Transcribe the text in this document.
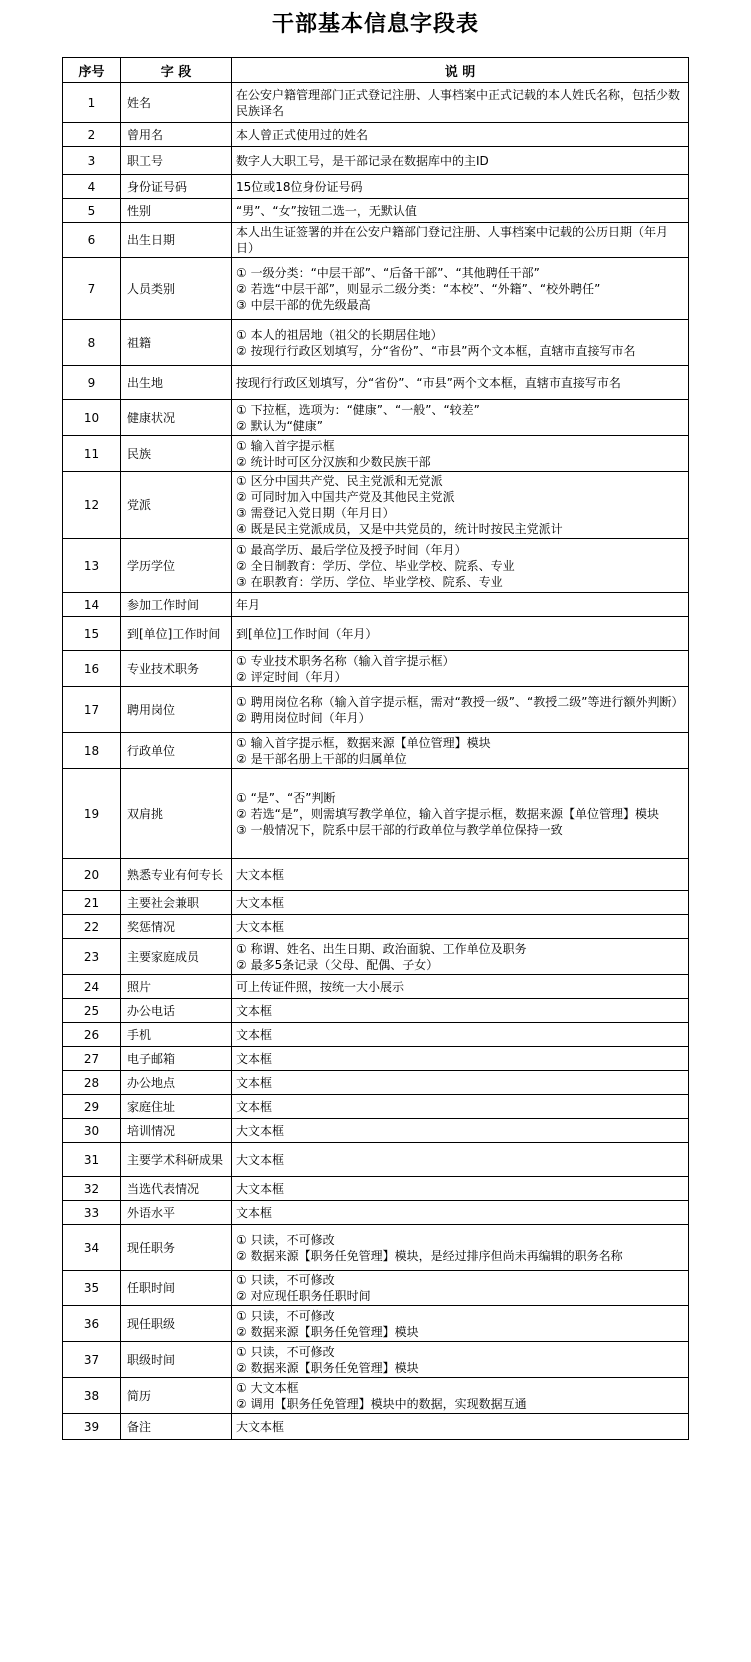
干部基本信息字段表
序号	字 段	说 明
1	姓名	在公安户籍管理部门正式登记注册、人事档案中正式记载的本人姓氏名称，包括少数民族译名

2	曾用名	本人曾正式使用过的姓名

3	职工号	数字人大职工号，是干部记录在数据库中的主ID

4	身份证号码	15位或18位身份证号码

5	性别	“男”、“女”按钮二选一，无默认值

6	出生日期	本人出生证签署的并在公安户籍部门登记注册、人事档案中记载的公历日期（年月日）

7	人员类别	① 一级分类：“中层干部”、“后备干部”、“其他聘任干部”
② 若选“中层干部”，则显示二级分类：“本校”、“外籍”、“校外聘任”
③ 中层干部的优先级最高

8	祖籍	① 本人的祖居地（祖父的长期居住地）
② 按现行行政区划填写，分“省份”、“市县”两个文本框，直辖市直接写市名

9	出生地	按现行行政区划填写，分“省份”、“市县”两个文本框，直辖市直接写市名

10	健康状况	① 下拉框，选项为：“健康”、“一般”、“较差”
② 默认为“健康”

11	民族	① 输入首字提示框
② 统计时可区分汉族和少数民族干部

12	党派	① 区分中国共产党、民主党派和无党派
② 可同时加入中国共产党及其他民主党派
③ 需登记入党日期（年月日）
④ 既是民主党派成员，又是中共党员的，统计时按民主党派计

13	学历学位	① 最高学历、最后学位及授予时间（年月）
② 全日制教育：学历、学位、毕业学校、院系、专业
③ 在职教育：学历、学位、毕业学校、院系、专业

14	参加工作时间	年月

15	到[单位]工作时间	到[单位]工作时间（年月）

16	专业技术职务	① 专业技术职务名称（输入首字提示框）
② 评定时间（年月）

17	聘用岗位	① 聘用岗位名称（输入首字提示框，需对“教授一级”、“教授二级”等进行额外判断）
② 聘用岗位时间（年月）

18	行政单位	① 输入首字提示框，数据来源【单位管理】模块
② 是干部名册上干部的归属单位

19	双肩挑	① “是”、“否”判断
② 若选“是”，则需填写教学单位，输入首字提示框，数据来源【单位管理】模块
③ 一般情况下，院系中层干部的行政单位与教学单位保持一致

20	熟悉专业有何专长	大文本框

21	主要社会兼职	大文本框

22	奖惩情况	大文本框

23	主要家庭成员	① 称谓、姓名、出生日期、政治面貌、工作单位及职务
② 最多5条记录（父母、配偶、子女）

24	照片	可上传证件照，按统一大小展示

25	办公电话	文本框

26	手机	文本框

27	电子邮箱	文本框

28	办公地点	文本框

29	家庭住址	文本框

30	培训情况	大文本框

31	主要学术科研成果	大文本框

32	当选代表情况	大文本框

33	外语水平	文本框

34	现任职务	① 只读，不可修改
② 数据来源【职务任免管理】模块，是经过排序但尚未再编辑的职务名称

35	任职时间	① 只读，不可修改
② 对应现任职务任职时间

36	现任职级	① 只读，不可修改
② 数据来源【职务任免管理】模块

37	职级时间	① 只读，不可修改
② 数据来源【职务任免管理】模块

38	简历	① 大文本框
② 调用【职务任免管理】模块中的数据，实现数据互通

39	备注	大文本框
